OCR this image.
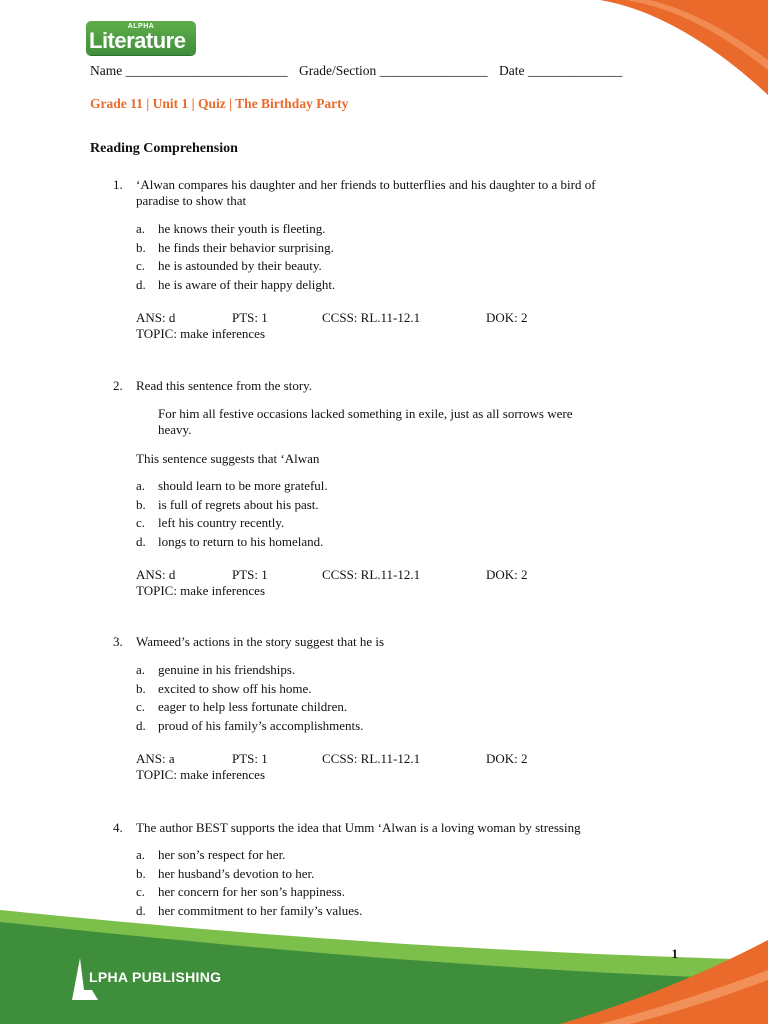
ALPHA
Literature
Name ________________________ Grade/Section ________________ Date ______________
Grade 11 | Unit 1 | Quiz | The Birthday Party
Reading Comprehension
1. ‘Alwan compares his daughter and her friends to butterflies and his daughter to a bird of paradise to show that
a. he knows their youth is fleeting.
b. he finds their behavior surprising.
c. he is astounded by their beauty.
d. he is aware of their happy delight.
ANS: d	PTS: 1	CCSS: RL.11-12.1	DOK: 2
TOPIC: make inferences
2. Read this sentence from the story.
For him all festive occasions lacked something in exile, just as all sorrows were heavy.
This sentence suggests that ‘Alwan
a. should learn to be more grateful.
b. is full of regrets about his past.
c. left his country recently.
d. longs to return to his homeland.
ANS: d	PTS: 1	CCSS: RL.11-12.1	DOK: 2
TOPIC: make inferences
3. Wameed’s actions in the story suggest that he is
a. genuine in his friendships.
b. excited to show off his home.
c. eager to help less fortunate children.
d. proud of his family’s accomplishments.
ANS: a	PTS: 1	CCSS: RL.11-12.1	DOK: 2
TOPIC: make inferences
4. The author BEST supports the idea that Umm ‘Alwan is a loving woman by stressing
a. her son’s respect for her.
b. her husband’s devotion to her.
c. her concern for her son’s happiness.
d. her commitment to her family’s values.
1
LPHA PUBLISHING
